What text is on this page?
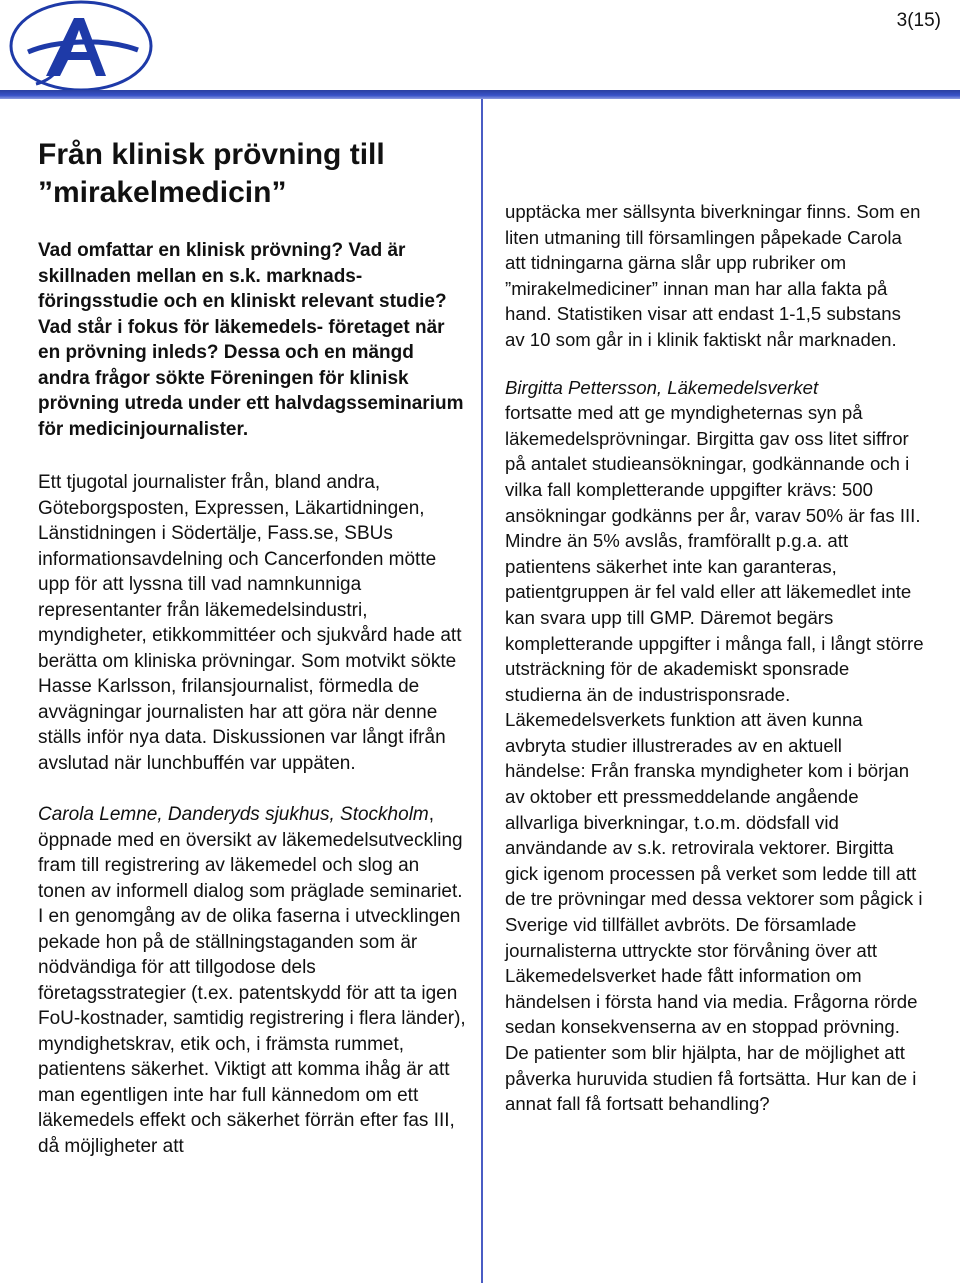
3(15)
Från klinisk prövning till
”mirakelmedicin”

Vad omfattar en klinisk prövning? Vad är skillnaden mellan en s.k. marknads- föringsstudie och en kliniskt relevant studie? Vad står i fokus för läkemedels- företaget när en prövning inleds? Dessa och en mängd andra frågor sökte Föreningen för klinisk prövning utreda under ett halvdagsseminarium för medicinjournalister.

Ett tjugotal journalister från, bland andra, Göteborgsposten, Expressen, Läkartidningen, Länstidningen i Södertälje, Fass.se, SBUs informationsavdelning och Cancerfonden mötte upp för att lyssna till vad namnkunniga representanter från läkemedelsindustri, myndigheter, etikkommittéer och sjukvård hade att berätta om kliniska prövningar. Som motvikt sökte Hasse Karlsson, frilansjournalist, förmedla de avvägningar journalisten har att göra när denne ställs inför nya data. Diskussionen var långt ifrån avslutad när lunchbuffén var uppäten.

Carola Lemne, Danderyds sjukhus, Stockholm, öppnade med en översikt av läkemedelsutveckling fram till registrering av läkemedel och slog an tonen av informell dialog som präglade seminariet. I en genomgång av de olika faserna i utvecklingen pekade hon på de ställningstaganden som är nödvändiga för att tillgodose dels företagsstrategier (t.ex. patentskydd för att ta igen FoU-kostnader, samtidig registrering i flera länder), myndighetskrav, etik och, i främsta rummet, patientens säkerhet. Viktigt att komma ihåg är att man egentligen inte har full kännedom om ett läkemedels effekt och säkerhet förrän efter fas III, då möjligheter att

upptäcka mer sällsynta biverkningar finns. Som en liten utmaning till församlingen påpekade Carola att tidningarna gärna slår upp rubriker om ”mirakelmediciner” innan man har alla fakta på hand. Statistiken visar att endast 1-1,5 substans av 10 som går in i klinik faktiskt når marknaden.

Birgitta Pettersson, Läkemedelsverket
fortsatte med att ge myndigheternas syn på läkemedelsprövningar. Birgitta gav oss litet siffror på antalet studieansökningar, godkännande och i vilka fall kompletterande uppgifter krävs: 500 ansökningar godkänns per år, varav 50% är fas III. Mindre än 5% avslås, framförallt p.g.a. att patientens säkerhet inte kan garanteras, patientgruppen är fel vald eller att läkemedlet inte kan svara upp till GMP. Däremot begärs kompletterande uppgifter i många fall, i långt större utsträckning för de akademiskt sponsrade studierna än de industrisponsrade.

Läkemedelsverkets funktion att även kunna avbryta studier illustrerades av en aktuell händelse: Från franska myndigheter kom i början av oktober ett pressmeddelande angående allvarliga biverkningar, t.o.m. dödsfall vid användande av s.k. retrovirala vektorer. Birgitta gick igenom processen på verket som ledde till att de tre prövningar med dessa vektorer som pågick i Sverige vid tillfället avbröts. De församlade journalisterna uttryckte stor förvåning över att Läkemedelsverket hade fått information om händelsen i första hand via media. Frågorna rörde sedan konsekvenserna av en stoppad prövning. De patienter som blir hjälpta, har de möjlighet att påverka huruvida studien få fortsätta. Hur kan de i annat fall få fortsatt behandling?
